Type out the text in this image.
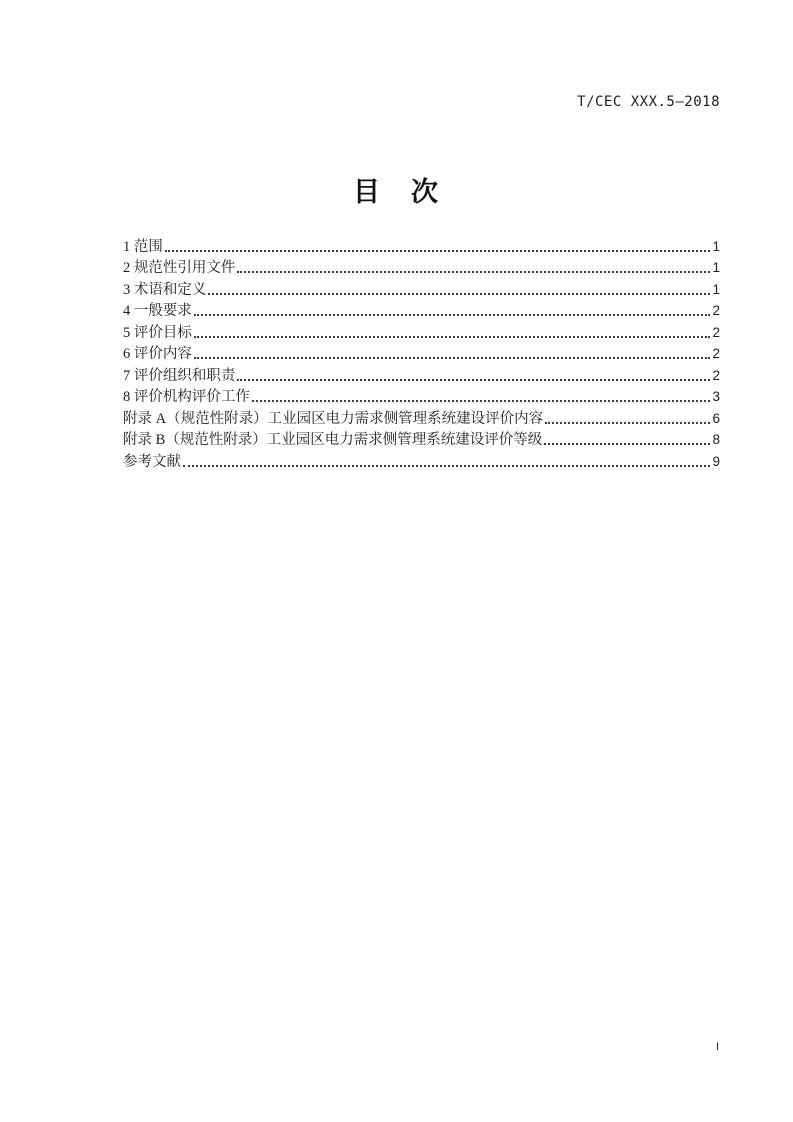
T/CEC XXX.5—2018
目　次
1 范围	1
2 规范性引用文件	1
3 术语和定义	1
4 一般要求	2
5 评价目标	2
6 评价内容	2
7 评价组织和职责	2
8 评价机构评价工作	3
附录 A（规范性附录）工业园区电力需求侧管理系统建设评价内容	6
附录 B（规范性附录）工业园区电力需求侧管理系统建设评价等级	8
参考文献	9
I
